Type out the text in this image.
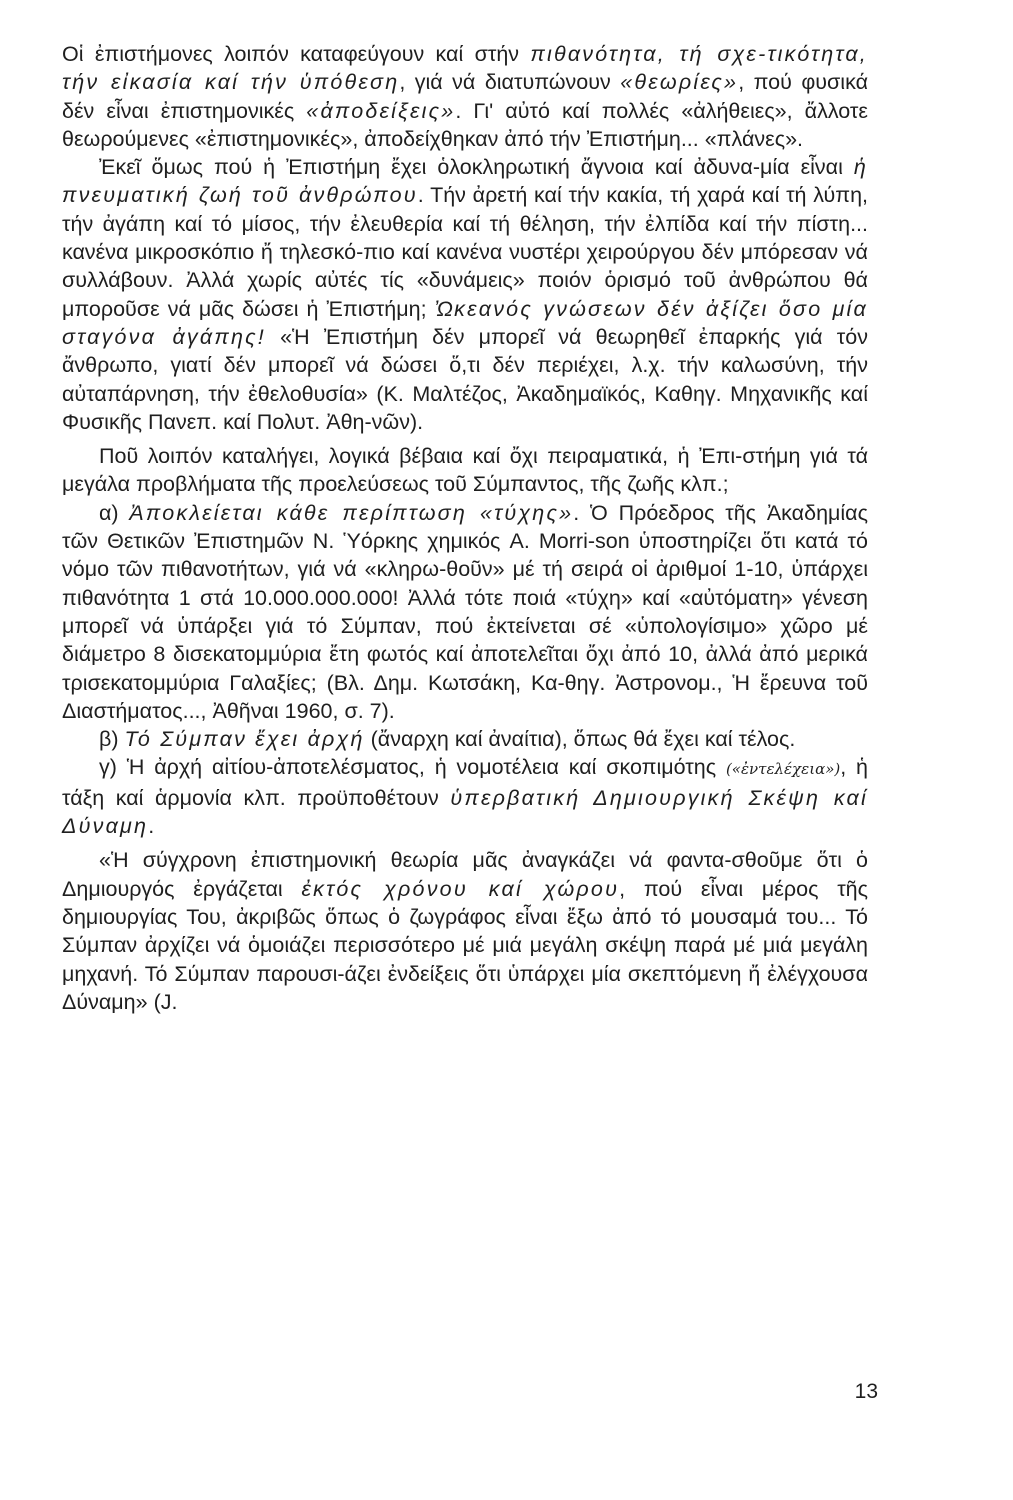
Οἱ ἐπιστήμονες λοιπόν καταφεύγουν καί στήν πιθανότητα, τή σχε-τικότητα, τήν εἰκασία καί τήν ὑπόθεση, γιά νά διατυπώνουν «θεωρίες», πού φυσικά δέν εἶναι ἐπιστημονικές «ἀποδείξεις». Γι' αὐτό καί πολλές «ἀλήθειες», ἄλλοτε θεωρούμενες «ἐπιστημονικές», ἀποδείχθηκαν ἀπό τήν Ἐπιστήμη... «πλάνες».

Ἐκεῖ ὅμως πού ἡ Ἐπιστήμη ἔχει ὁλοκληρωτική ἄγνοια καί ἀδυνα-μία εἶναι ἡ πνευματική ζωή τοῦ ἀνθρώπου. Τήν ἀρετή καί τήν κακία, τή χαρά καί τή λύπη, τήν ἀγάπη καί τό μίσος, τήν ἐλευθερία καί τή θέληση, τήν ἐλπίδα καί τήν πίστη... κανένα μικροσκόπιο ἤ τηλεσκό-πιο καί κανένα νυστέρι χειρούργου δέν μπόρεσαν νά συλλάβουν. Ἀλλά χωρίς αὐτές τίς «δυνάμεις» ποιόν ὁρισμό τοῦ ἀνθρώπου θά μποροῦσε νά μᾶς δώσει ἡ Ἐπιστήμη; Ὠκεανός γνώσεων δέν ἀξίζει ὅσο μία σταγόνα ἀγάπης! «Ἡ Ἐπιστήμη δέν μπορεῖ νά θεωρηθεῖ ἐπαρκής γιά τόν ἄνθρωπο, γιατί δέν μπορεῖ νά δώσει ὅ,τι δέν περιέχει, λ.χ. τήν καλωσύνη, τήν αὐταπάρνηση, τήν ἐθελοθυσία» (Κ. Μαλτέζος, Ἀκαδημαϊκός, Καθηγ. Μηχανικῆς καί Φυσικῆς Πανεπ. καί Πολυτ. Ἀθη-νῶν).

Ποῦ λοιπόν καταλήγει, λογικά βέβαια καί ὄχι πειραματικά, ἡ Ἐπι-στήμη γιά τά μεγάλα προβλήματα τῆς προελεύσεως τοῦ Σύμπαντος, τῆς ζωῆς κλπ.;

α) Ἀποκλείεται κάθε περίπτωση «τύχης». Ὁ Πρόεδρος τῆς Ἀκαδημίας τῶν Θετικῶν Ἐπιστημῶν Ν. Ὑόρκης χημικός A. Morri-son ὑποστηρίζει ὅτι κατά τό νόμο τῶν πιθανοτήτων, γιά νά «κληρω-θοῦν» μέ τή σειρά οἱ ἀριθμοί 1-10, ὑπάρχει πιθανότητα 1 στά 10.000.000.000! Ἀλλά τότε ποιά «τύχη» καί «αὐτόματη» γένεση μπορεῖ νά ὑπάρξει γιά τό Σύμπαν, πού ἐκτείνεται σέ «ὑπολογίσιμο» χῶρο μέ διάμετρο 8 δισεκατομμύρια ἔτη φωτός καί ἀποτελεῖται ὄχι ἀπό 10, ἀλλά ἀπό μερικά τρισεκατομμύρια Γαλαξίες; (Βλ. Δημ. Κωτσάκη, Κα-θηγ. Ἀστρονομ., Ἡ ἔρευνα τοῦ Διαστήματος..., Ἀθῆναι 1960, σ. 7).

β) Τό Σύμπαν ἔχει ἀρχή (ἄναρχη καί ἀναίτια), ὅπως θά ἔχει καί τέλος.

γ) Ἡ ἀρχή αἰτίου-ἀποτελέσματος, ἡ νομοτέλεια καί σκοπιμότης («ἐντελέχεια»), ἡ τάξη καί ἁρμονία κλπ. προϋποθέτουν ὑπερβατική Δημιουργική Σκέψη καί Δύναμη.

«Ἡ σύγχρονη ἐπιστημονική θεωρία μᾶς ἀναγκάζει νά φαντα-σθοῦμε ὅτι ὁ Δημιουργός ἐργάζεται ἐκτός χρόνου καί χώρου, πού εἶναι μέρος τῆς δημιουργίας Του, ἀκριβῶς ὅπως ὁ ζωγράφος εἶναι ἔξω ἀπό τό μουσαμά του... Τό Σύμπαν ἀρχίζει νά ὁμοιάζει περισσότερο μέ μιά μεγάλη σκέψη παρά μέ μιά μεγάλη μηχανή. Τό Σύμπαν παρουσι-άζει ἐνδείξεις ὅτι ὑπάρχει μία σκεπτόμενη ἤ ἐλέγχουσα Δύναμη» (J.

13
